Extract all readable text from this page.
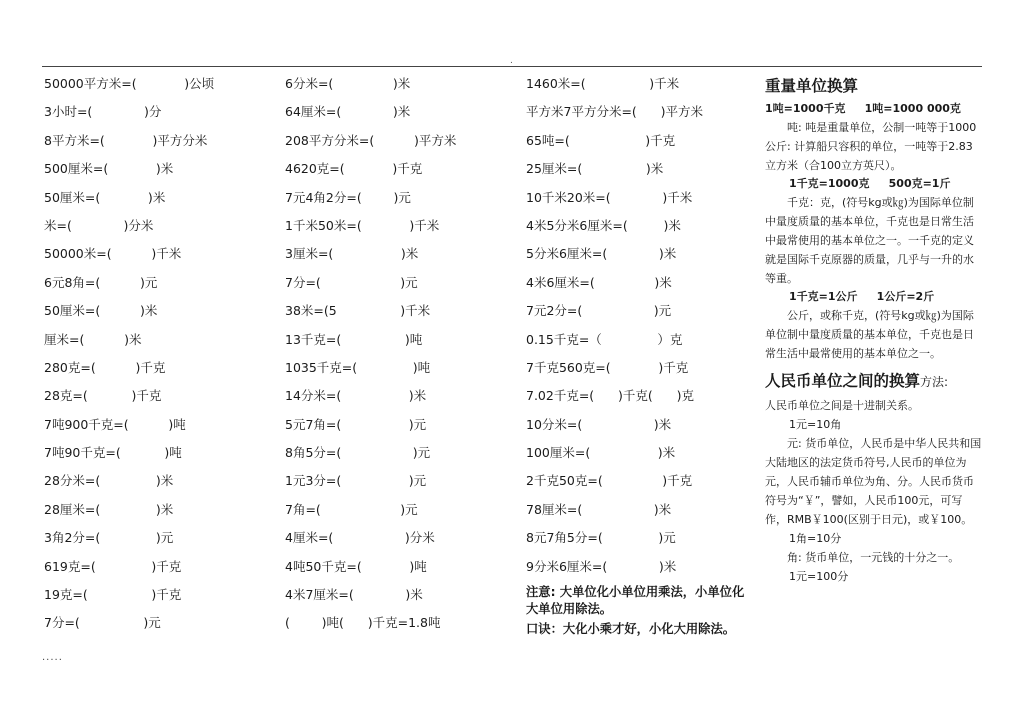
.
50000平方米=(            )公顷
3小时=(             )分
8平方米=(            )平方分米
500厘米=(            )米
50厘米=(            )米
米=(             )分米
50000米=(          )千米
6元8角=(          )元
50厘米=(          )米
厘米=(          )米
280克=(          )千克
28克=(           )千克
7吨900千克=(          )吨
7吨90千克=(           )吨
28分米=(              )米
28厘米=(              )米
3角2分=(              )元
619克=(              )千克
19克=(                )千克
7分=(                )元
6分米=(               )米
64厘米=(             )米
208平方分米=(          )平方米
4620克=(            )千克
7元4角2分=(        )元
1千米50米=(            )千米
3厘米=(                 )米
7分=(                    )元
38米=(5                )千米
13千克=(                )吨
1035千克=(              )吨
14分米=(                 )米
5元7角=(                 )元
8角5分=(                  )元
1元3分=(                 )元
7角=(                    )元
4厘米=(                  )分米
4吨50千克=(            )吨
4米7厘米=(             )米
(        )吨(      )千克=1.8吨
1460米=(                )千米
平方米7平方分米=(      )平方米
65吨=(                   )千克
25厘米=(                )米
10千米20米=(             )千米
4米5分米6厘米=(         )米
5分米6厘米=(             )米
4米6厘米=(               )米
7元2分=(                  )元
0.15千克=（              ）克
7千克560克=(            )千克
7.02千克=(      )千克(      )克
10分米=(                  )米
100厘米=(                 )米
2千克50克=(               )千克
78厘米=(                  )米
8元7角5分=(              )元
9分米6厘米=(             )米
注意: 大单位化小单位用乘法，小单位化大单位用除法。
口诀：大化小乘才好，小化大用除法。
重量单位换算
1吨=1000千克     1吨=1000 000克

吨: 吨是重量单位，公制一吨等于1000公斤: 计算船只容积的单位，一吨等于2.83立方米（合100立方英尺）。

1千克=1000克     500克=1斤

千克：克，(符号kg或㎏)为国际单位制中量度质量的基本单位，千克也是日常生活中最常使用的基本单位之一。一千克的定义就是国际千克原器的质量，几乎与一升的水等重。

1千克=1公斤     1公斤=2斤

公斤，或称千克，(符号kg或㎏)为国际单位制中量度质量的基本单位，千克也是日常生活中最常使用的基本单位之一。

人民币单位之间的换算方法:

人民币单位之间是十进制关系。

1元=10角

元: 货币单位，人民币是中华人民共和国大陆地区的法定货币符号,人民币的单位为元，人民币辅币单位为角、分。人民币货币符号为“￥”，譬如，人民币100元，可写作，RMB￥100(区别于日元)，或￥100。

1角=10分

角: 货币单位，一元钱的十分之一。

1元=100分
.....
